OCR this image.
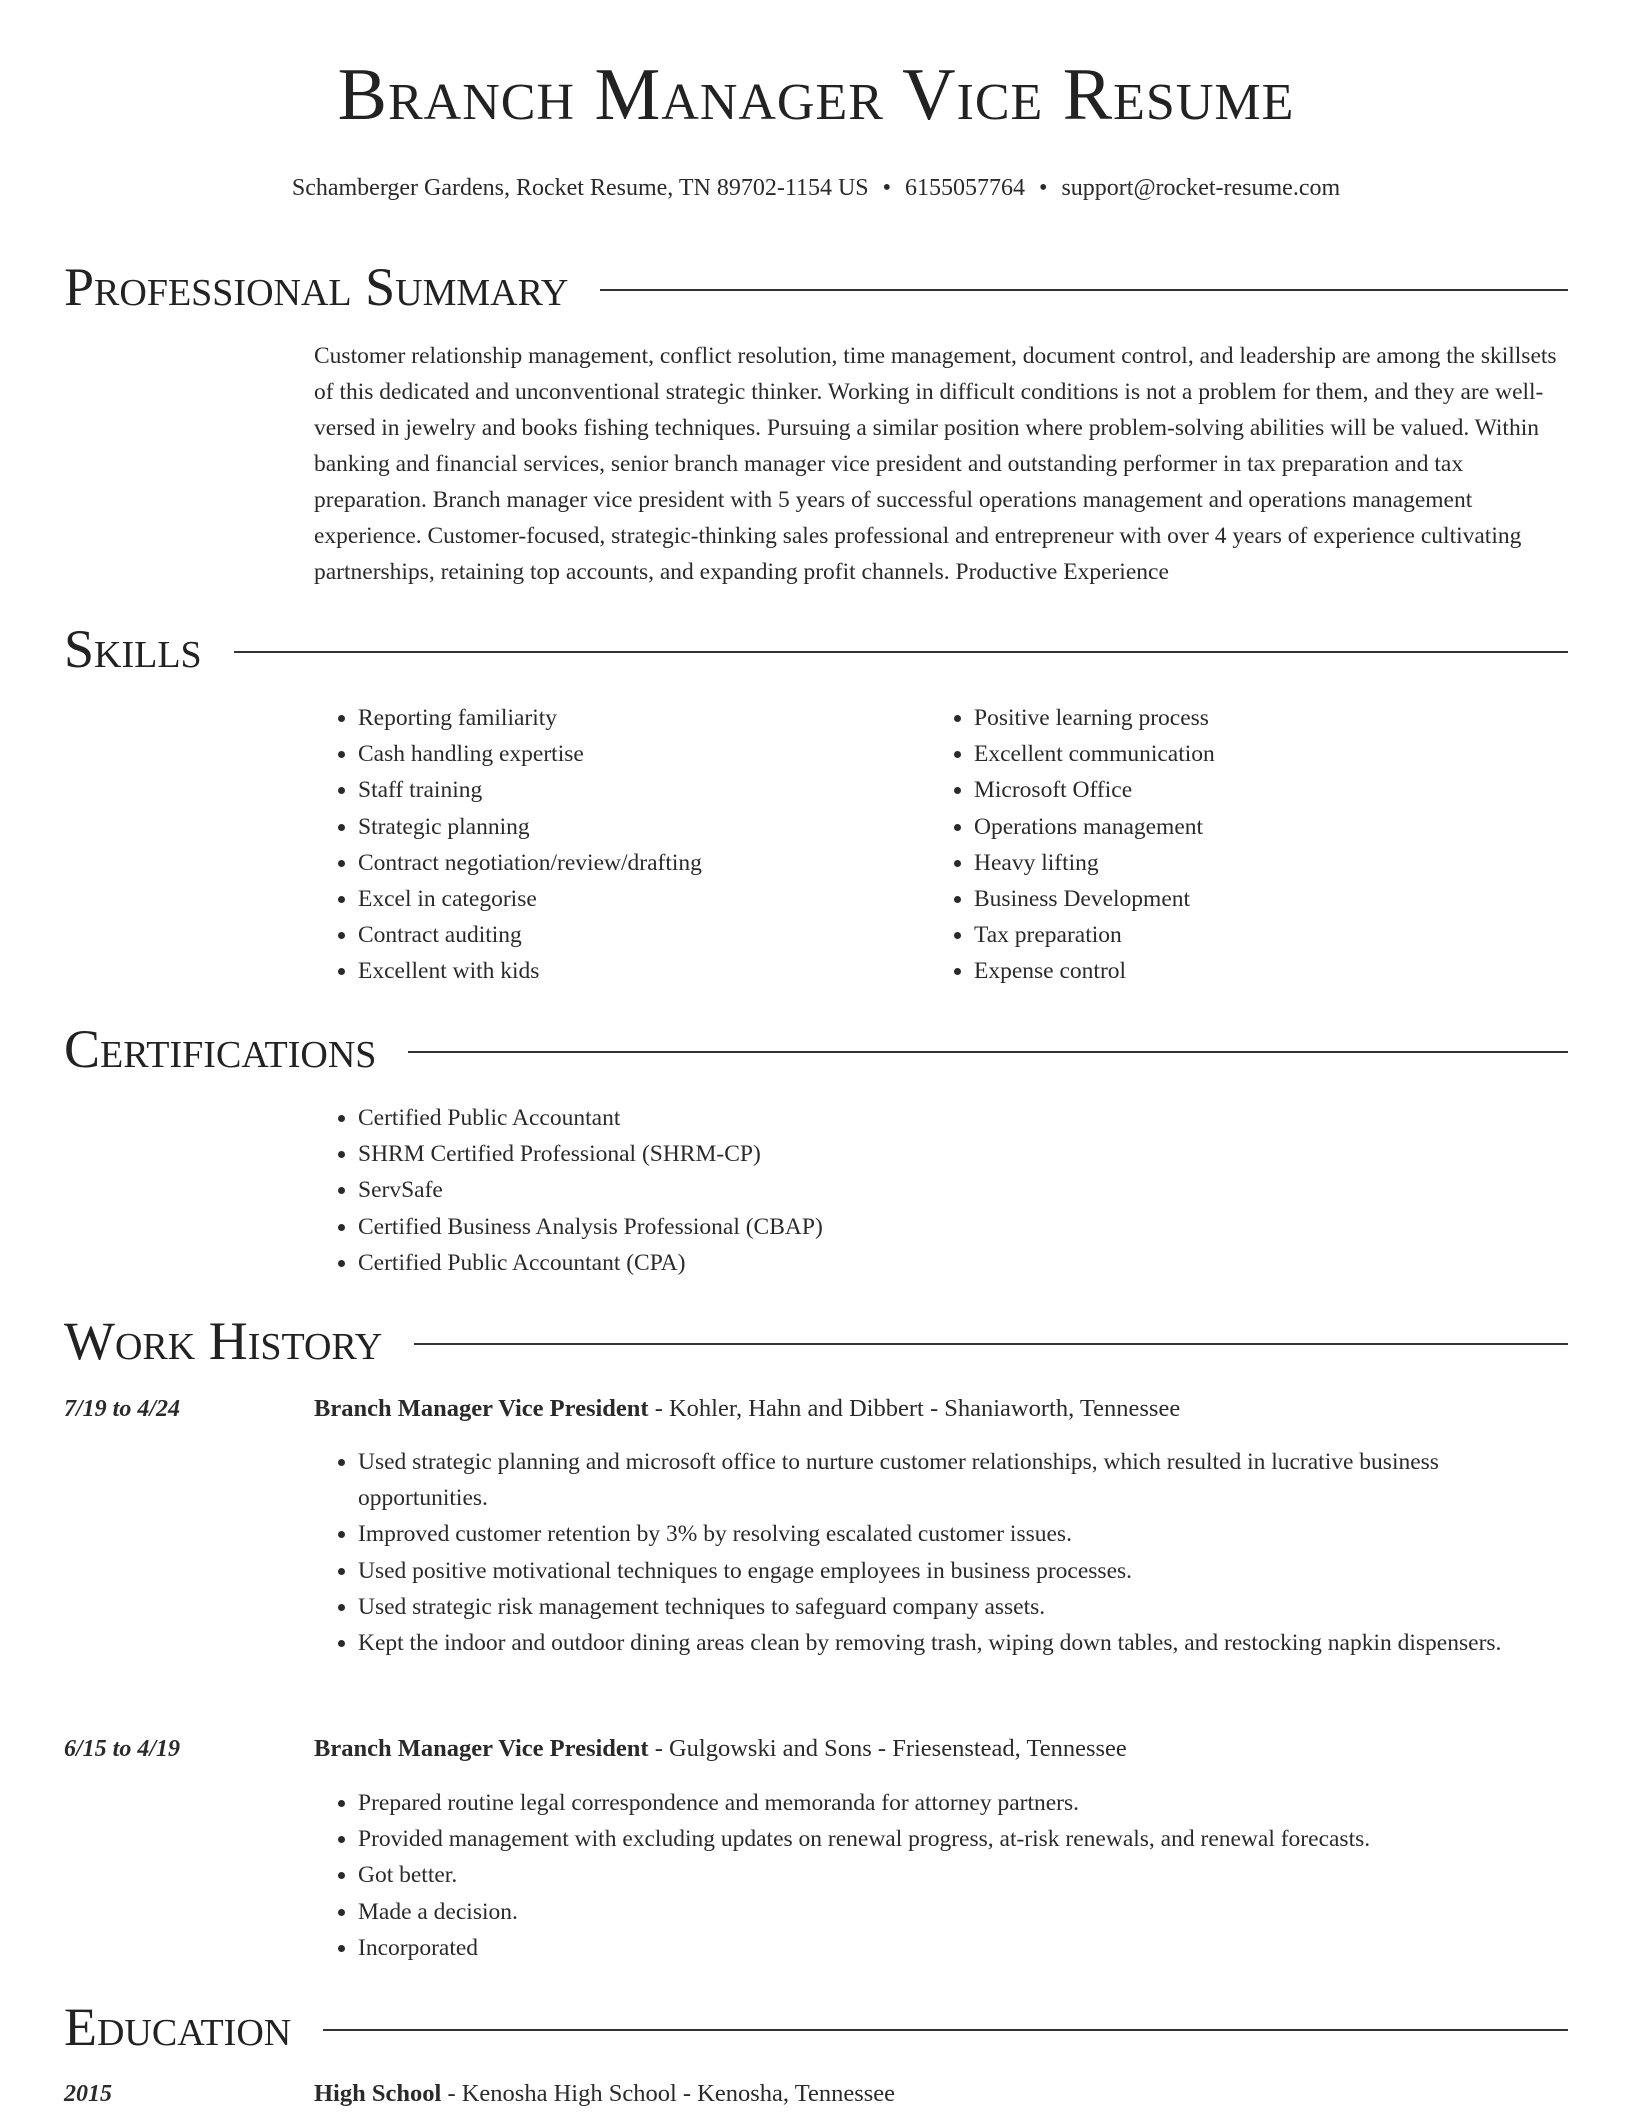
Branch Manager Vice Resume
Schamberger Gardens, Rocket Resume, TN 89702-1154 US • 6155057764 • support@rocket-resume.com
Professional Summary
Customer relationship management, conflict resolution, time management, document control, and leadership are among the skillsets of this dedicated and unconventional strategic thinker. Working in difficult conditions is not a problem for them, and they are well-versed in jewelry and books fishing techniques. Pursuing a similar position where problem-solving abilities will be valued. Within banking and financial services, senior branch manager vice president and outstanding performer in tax preparation and tax preparation. Branch manager vice president with 5 years of successful operations management and operations management experience. Customer-focused, strategic-thinking sales professional and entrepreneur with over 4 years of experience cultivating partnerships, retaining top accounts, and expanding profit channels. Productive Experience
Skills
• Reporting familiarity
• Cash handling expertise
• Staff training
• Strategic planning
• Contract negotiation/review/drafting
• Excel in categorise
• Contract auditing
• Excellent with kids
• Positive learning process
• Excellent communication
• Microsoft Office
• Operations management
• Heavy lifting
• Business Development
• Tax preparation
• Expense control
Certifications
• Certified Public Accountant
• SHRM Certified Professional (SHRM-CP)
• ServSafe
• Certified Business Analysis Professional (CBAP)
• Certified Public Accountant (CPA)
Work History
7/19 to 4/24	Branch Manager Vice President - Kohler, Hahn and Dibbert - Shaniaworth, Tennessee
• Used strategic planning and microsoft office to nurture customer relationships, which resulted in lucrative business opportunities.
• Improved customer retention by 3% by resolving escalated customer issues.
• Used positive motivational techniques to engage employees in business processes.
• Used strategic risk management techniques to safeguard company assets.
• Kept the indoor and outdoor dining areas clean by removing trash, wiping down tables, and restocking napkin dispensers.
6/15 to 4/19	Branch Manager Vice President - Gulgowski and Sons - Friesenstead, Tennessee
• Prepared routine legal correspondence and memoranda for attorney partners.
• Provided management with excluding updates on renewal progress, at-risk renewals, and renewal forecasts.
• Got better.
• Made a decision.
• Incorporated
Education
2015	High School - Kenosha High School - Kenosha, Tennessee
